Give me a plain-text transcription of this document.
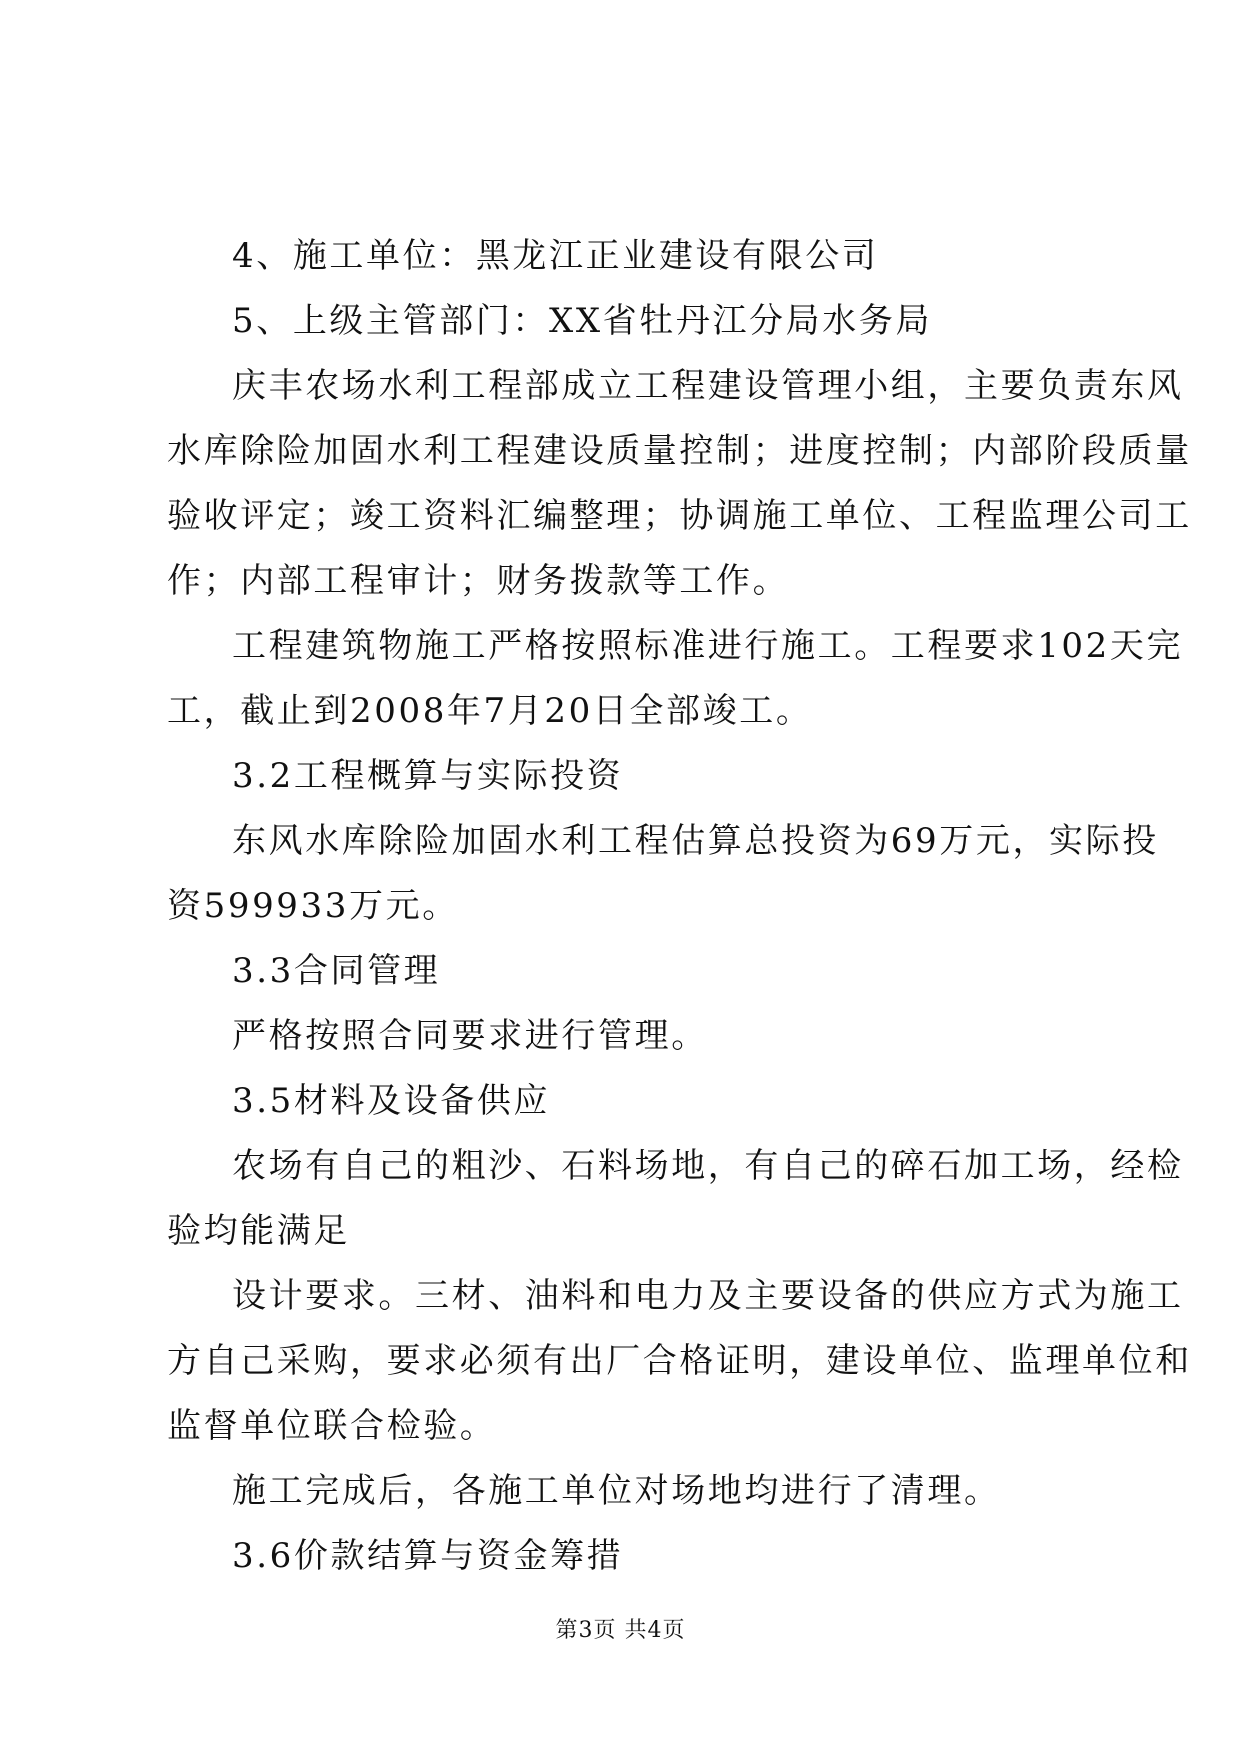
4、施工单位：黑龙江正业建设有限公司
5、上级主管部门：XX省牡丹江分局水务局
庆丰农场水利工程部成立工程建设管理小组，主要负责东风
水库除险加固水利工程建设质量控制；进度控制；内部阶段质量
验收评定；竣工资料汇编整理；协调施工单位、工程监理公司工
作；内部工程审计；财务拨款等工作。
工程建筑物施工严格按照标准进行施工。工程要求102天完
工，截止到2008年7月20日全部竣工。
3.2工程概算与实际投资
东风水库除险加固水利工程估算总投资为69万元，实际投
资599933万元。
3.3合同管理
严格按照合同要求进行管理。
3.5材料及设备供应
农场有自己的粗沙、石料场地，有自己的碎石加工场，经检
验均能满足
设计要求。三材、油料和电力及主要设备的供应方式为施工
方自己采购，要求必须有出厂合格证明，建设单位、监理单位和
监督单位联合检验。
施工完成后，各施工单位对场地均进行了清理。
3.6价款结算与资金筹措
第3页 共4页
